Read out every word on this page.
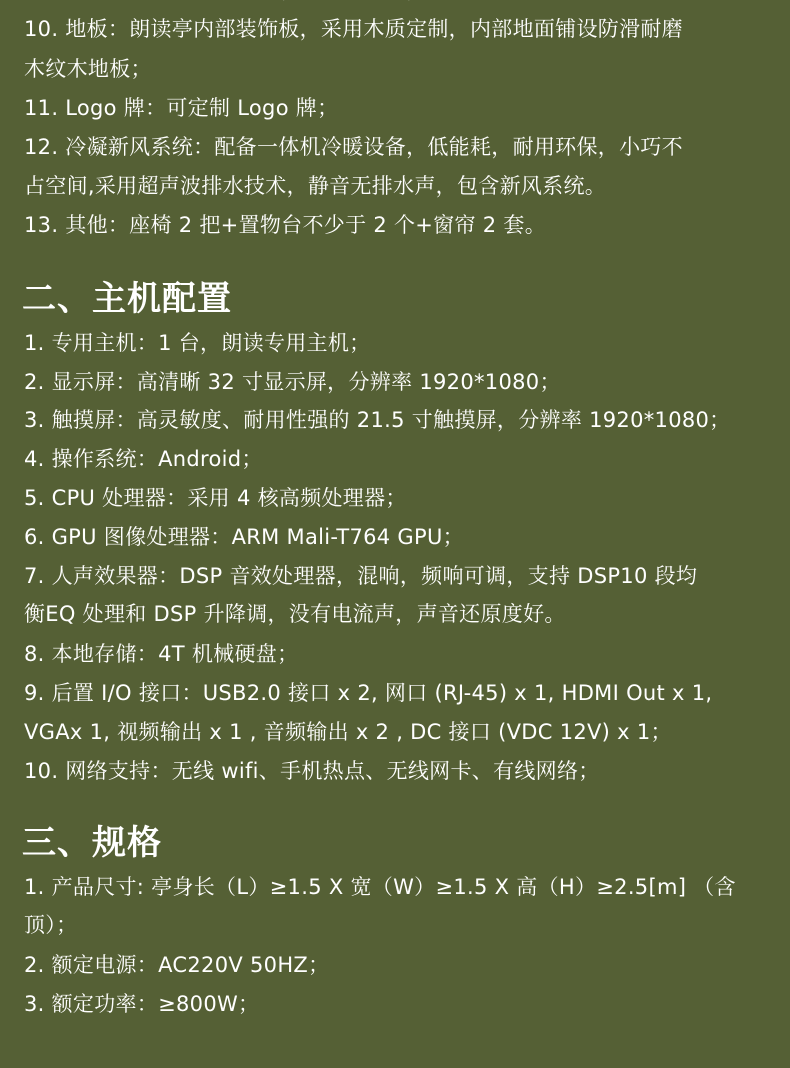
10. 地板：朗读亭内部装饰板，采用木质定制，内部地面铺设防滑耐磨
木纹木地板；
11. Logo 牌：可定制 Logo 牌；
12. 冷凝新风系统：配备一体机冷暖设备，低能耗，耐用环保，小巧不
占空间,采用超声波排水技术，静音无排水声，包含新风系统。
13. 其他：座椅 2 把+置物台不少于 2 个+窗帘 2 套。
二、主机配置
1. 专用主机：1 台，朗读专用主机；
2. 显示屏：高清晰 32 寸显示屏，分辨率 1920*1080；
3. 触摸屏：高灵敏度、耐用性强的 21.5 寸触摸屏，分辨率 1920*1080；
4. 操作系统：Android；
5. CPU 处理器：采用 4 核高频处理器；
6. GPU 图像处理器：ARM Mali-T764 GPU；
7. 人声效果器：DSP 音效处理器，混响，频响可调，支持 DSP10 段均
衡EQ 处理和 DSP 升降调，没有电流声，声音还原度好。
8. 本地存储：4T 机械硬盘；
9. 后置 I/O 接口：USB2.0 接口 x 2, 网口 (RJ-45) x 1, HDMI Out x 1,
VGAx 1, 视频输出 x 1 , 音频输出 x 2 , DC 接口 (VDC 12V) x 1；
10. 网络支持：无线 wifi、手机热点、无线网卡、有线网络；
三、规格
1. 产品尺寸: 亭身长（L）≥1.5 X 宽（W）≥1.5 X 高（H）≥2.5[m] （含
顶）；
2. 额定电源：AC220V 50HZ；
3. 额定功率：≥800W；
